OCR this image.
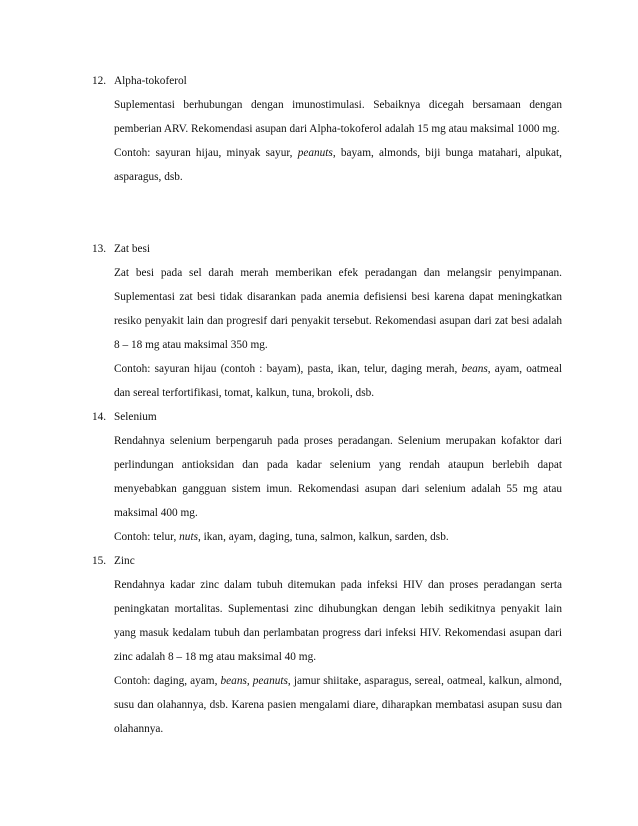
12. Alpha-tokoferol

Suplementasi berhubungan dengan imunostimulasi. Sebaiknya dicegah bersamaan dengan pemberian ARV. Rekomendasi asupan dari Alpha-tokoferol adalah 15 mg atau maksimal 1000 mg.

Contoh: sayuran hijau, minyak sayur, peanuts, bayam, almonds, biji bunga matahari, alpukat, asparagus, dsb.

13. Zat besi

Zat besi pada sel darah merah memberikan efek peradangan dan melangsir penyimpanan. Suplementasi zat besi tidak disarankan pada anemia defisiensi besi karena dapat meningkatkan resiko penyakit lain dan progresif dari penyakit tersebut. Rekomendasi asupan dari zat besi adalah 8 – 18 mg atau maksimal 350 mg.

Contoh: sayuran hijau (contoh : bayam), pasta, ikan, telur, daging merah, beans, ayam, oatmeal dan sereal terfortifikasi, tomat, kalkun, tuna, brokoli, dsb.

14. Selenium

Rendahnya selenium berpengaruh pada proses peradangan. Selenium merupakan kofaktor dari perlindungan antioksidan dan pada kadar selenium yang rendah ataupun berlebih dapat menyebabkan gangguan sistem imun. Rekomendasi asupan dari selenium adalah 55 mg atau maksimal 400 mg.

Contoh: telur, nuts, ikan, ayam, daging, tuna, salmon, kalkun, sarden, dsb.

15. Zinc

Rendahnya kadar zinc dalam tubuh ditemukan pada infeksi HIV dan proses peradangan serta peningkatan mortalitas. Suplementasi zinc dihubungkan dengan lebih sedikitnya penyakit lain yang masuk kedalam tubuh dan perlambatan progress dari infeksi HIV. Rekomendasi asupan dari zinc adalah 8 – 18 mg atau maksimal 40 mg.

Contoh: daging, ayam, beans, peanuts, jamur shiitake, asparagus, sereal, oatmeal, kalkun, almond, susu dan olahannya, dsb. Karena pasien mengalami diare, diharapkan membatasi asupan susu dan olahannya.
